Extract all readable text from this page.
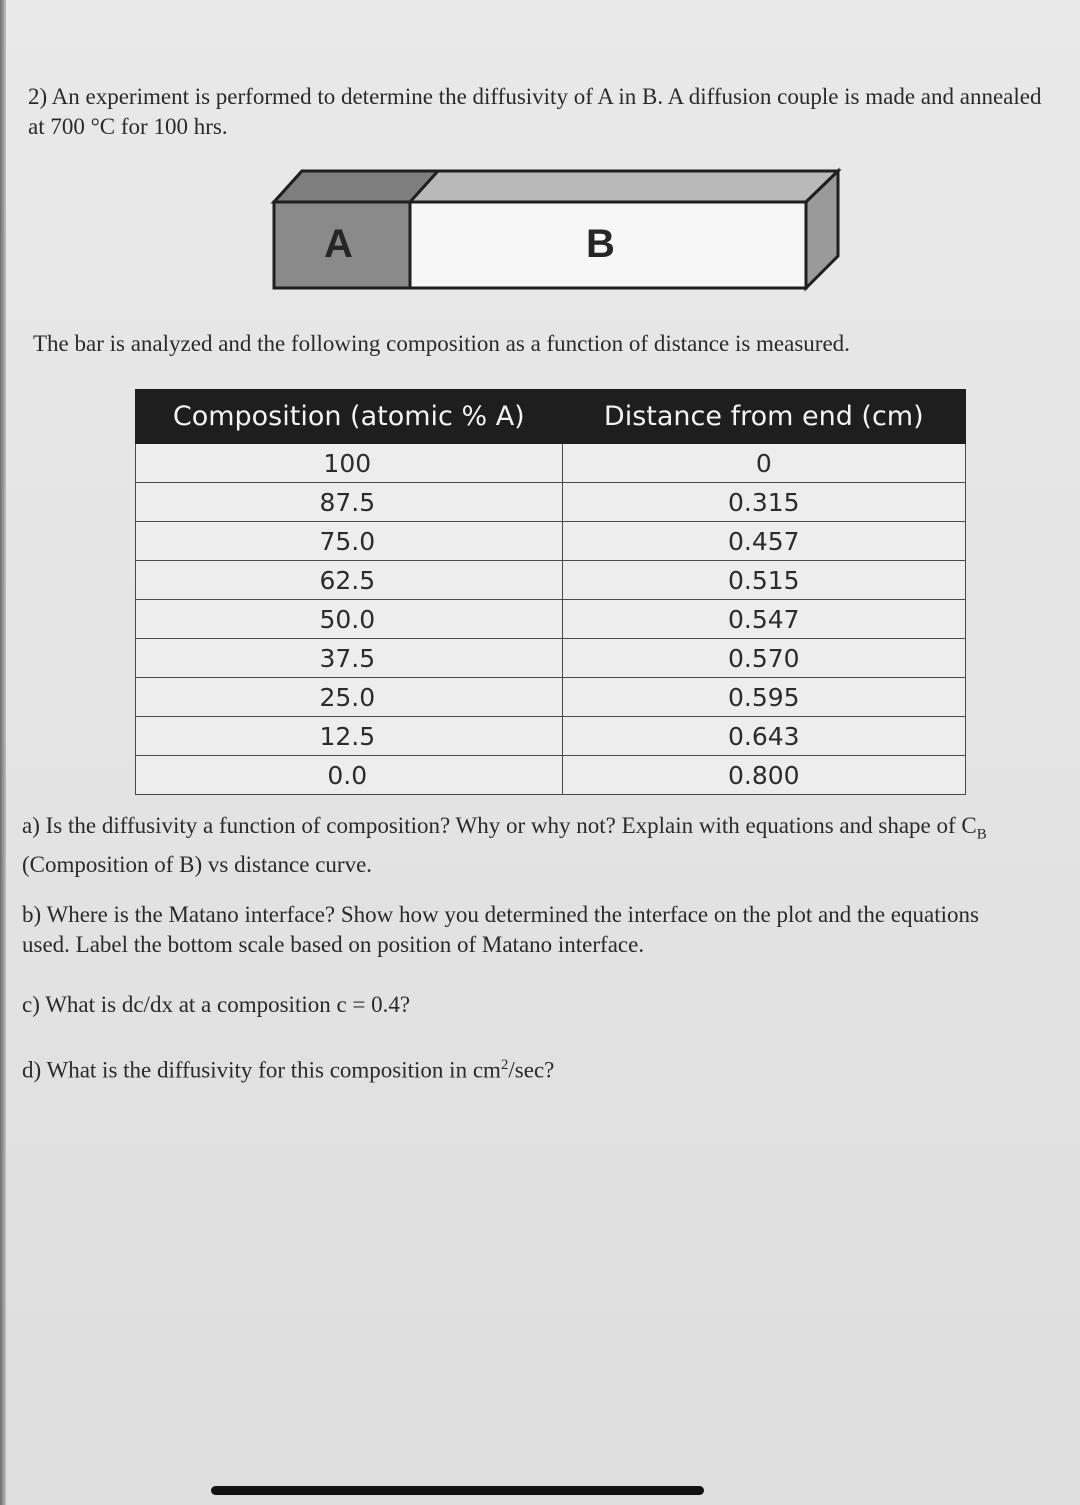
2) An experiment is performed to determine the diffusivity of A in B. A diffusion couple is made and annealed at 700 °C for 100 hrs.

A	B

The bar is analyzed and the following composition as a function of distance is measured.

Composition (atomic % A)	Distance from end (cm)
100	0
87.5	0.315
75.0	0.457
62.5	0.515
50.0	0.547
37.5	0.570
25.0	0.595
12.5	0.643
0.0	0.800

a) Is the diffusivity a function of composition? Why or why not? Explain with equations and shape of $C_B$ (Composition of B) vs distance curve.

b) Where is the Matano interface? Show how you determined the interface on the plot and the equations used. Label the bottom scale based on position of Matano interface.

c) What is dc/dx at a composition c = 0.4?

d) What is the diffusivity for this composition in $cm^2/\sec$?
